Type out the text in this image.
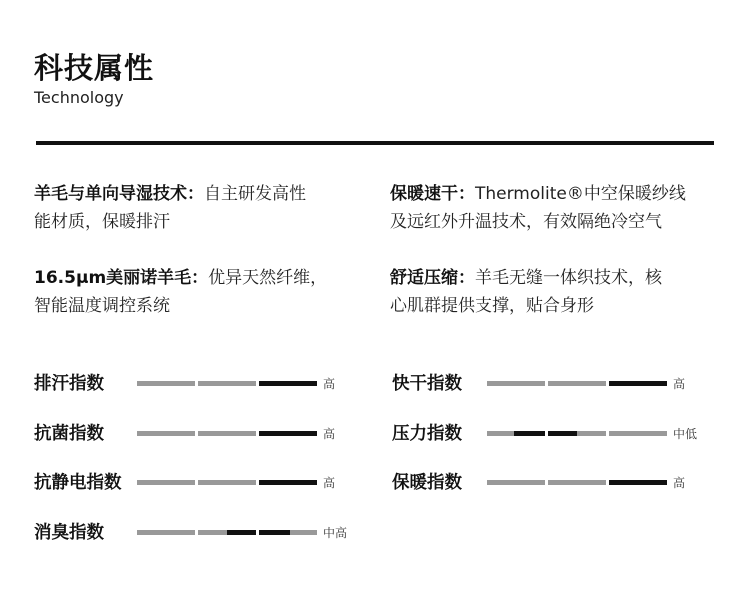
科技属性
Technology
羊毛与单向导湿技术：自主研发高性
能材质，保暖排汗
保暖速干：Thermolite®中空保暖纱线
及远红外升温技术，有效隔绝冷空气
16.5μm美丽诺羊毛：优异天然纤维，
智能温度调控系统
舒适压缩：羊毛无缝一体织技术，核
心肌群提供支撑，贴合身形
排汗指数	高	快干指数	高
抗菌指数	高	压力指数	中低
抗静电指数	高	保暖指数	高
消臭指数	中高
